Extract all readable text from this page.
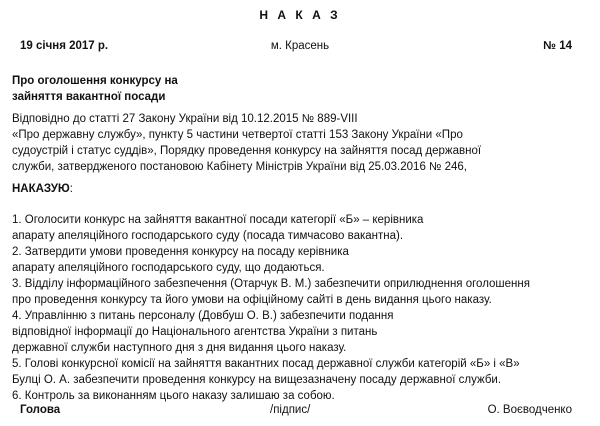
Н А К А З
19 січня 2017 р.	м. Красень	№ 14
Про оголошення конкурсу на
зайняття вакантної посади
Відповідно до статті 27 Закону України від 10.12.2015 № 889-VIII
«Про державну службу», пункту 5 частини четвертої статті 153 Закону України «Про
судоустрій і статус суддів», Порядку проведення конкурсу на зайняття посад державної
служби, затвердженого постановою Кабінету Міністрів України від 25.03.2016 № 246,
НАКАЗУЮ:
1. Оголосити конкурс на зайняття вакантної посади категорії «Б» – керівника
апарату апеляційного господарського суду (посада тимчасово вакантна).
2. Затвердити умови проведення конкурсу на посаду керівника
апарату апеляційного господарського суду, що додаються.
3. Відділу інформаційного забезпечення (Отарчук В. М.) забезпечити оприлюднення оголошення
про проведення конкурсу та його умови на офіційному сайті в день видання цього наказу.
4. Управлінню з питань персоналу (Довбуш О. В.) забезпечити подання
відповідної інформації до Національного агентства України з питань
державної служби наступного дня з дня видання цього наказу.
5. Голові конкурсної комісії на зайняття вакантних посад державної служби категорій «Б» і «В»
Булці О. А. забезпечити проведення конкурсу на вищезазначену посаду державної служби.
6. Контроль за виконанням цього наказу залишаю за собою.
Голова	/підпис/	О. Воєводченко
